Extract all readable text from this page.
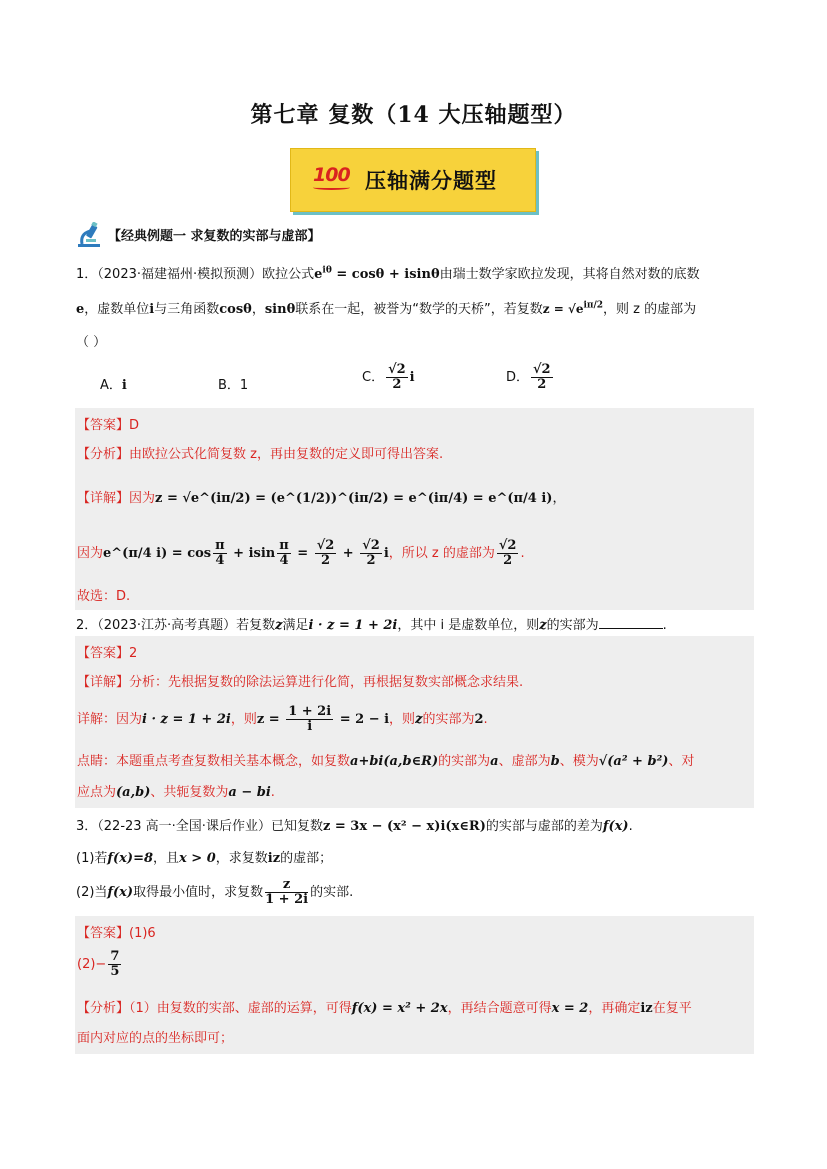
第七章 复数（14 大压轴题型）
100 压轴满分题型
【经典例题一 求复数的实部与虚部】
1．（2023·福建福州·模拟预测）欧拉公式$e^{i\theta} = \cos\theta + isin\theta$由瑞士数学家欧拉发现，其将自然对数的底数
e，虚数单位i与三角函数cosθ，sinθ联系在一起，被誉为“数学的天桥”，若复数$z = √e^{i\pi/2}$，则 z 的虚部为
（ ）
A．i	B．1
C． $\frac{√2}{2}$ i	D． $\frac{√2}{2}$
【答案】D
【分析】由欧拉公式化简复数 z，再由复数的定义即可得出答案.
【详解】因为z = √e^(iπ/2) = (e^(1/2))^(iπ/2) = e^(iπ/4) = e^(π/4 i)，
因为e^(π/4 $i) = \cos \frac{\pi}{4} + isin \frac{\pi}{4} = \frac{√2}{2} + \frac{√2}{2}$ i，所以 z 的虚部为 $\frac{√2}{2}$ .
故选：D.
2．（2023·江苏·高考真题）若复数z满足i · z = 1 + 2i，其中 i 是虚数单位，则z的实部为	.
【答案】2
【详解】分析：先根据复数的除法运算进行化简，再根据复数实部概念求结果.
详解：因为i · z = 1 + 2i，则$z = \frac{1 + 2i}{i} = 2 - i$，则z的实部为2.
点睛：本题重点考查复数相关基本概念，如复数a+bi(a,b∈R)的实部为a、虚部为b、模为√(a² + b²)、对
应点为(a,b)、共轭复数为a − bi.
3．（22-23 高一·全国·课后作业）已知复数z = 3x − (x² − x)i(x∈R)的实部与虚部的差为f(x).
(1)若f(x)=8，且x > 0，求复数iz的虚部；
(2)当f(x)取得最小值时，求复数 $\frac{z}{1 + 2i}$ 的实部.
【答案】(1)6
$(2)- \frac{7}{5}$
【分析】（1）由复数的实部、虚部的运算，可得f(x) = x² + 2x，再结合题意可得x = 2，再确定iz在复平
面内对应的点的坐标即可；
